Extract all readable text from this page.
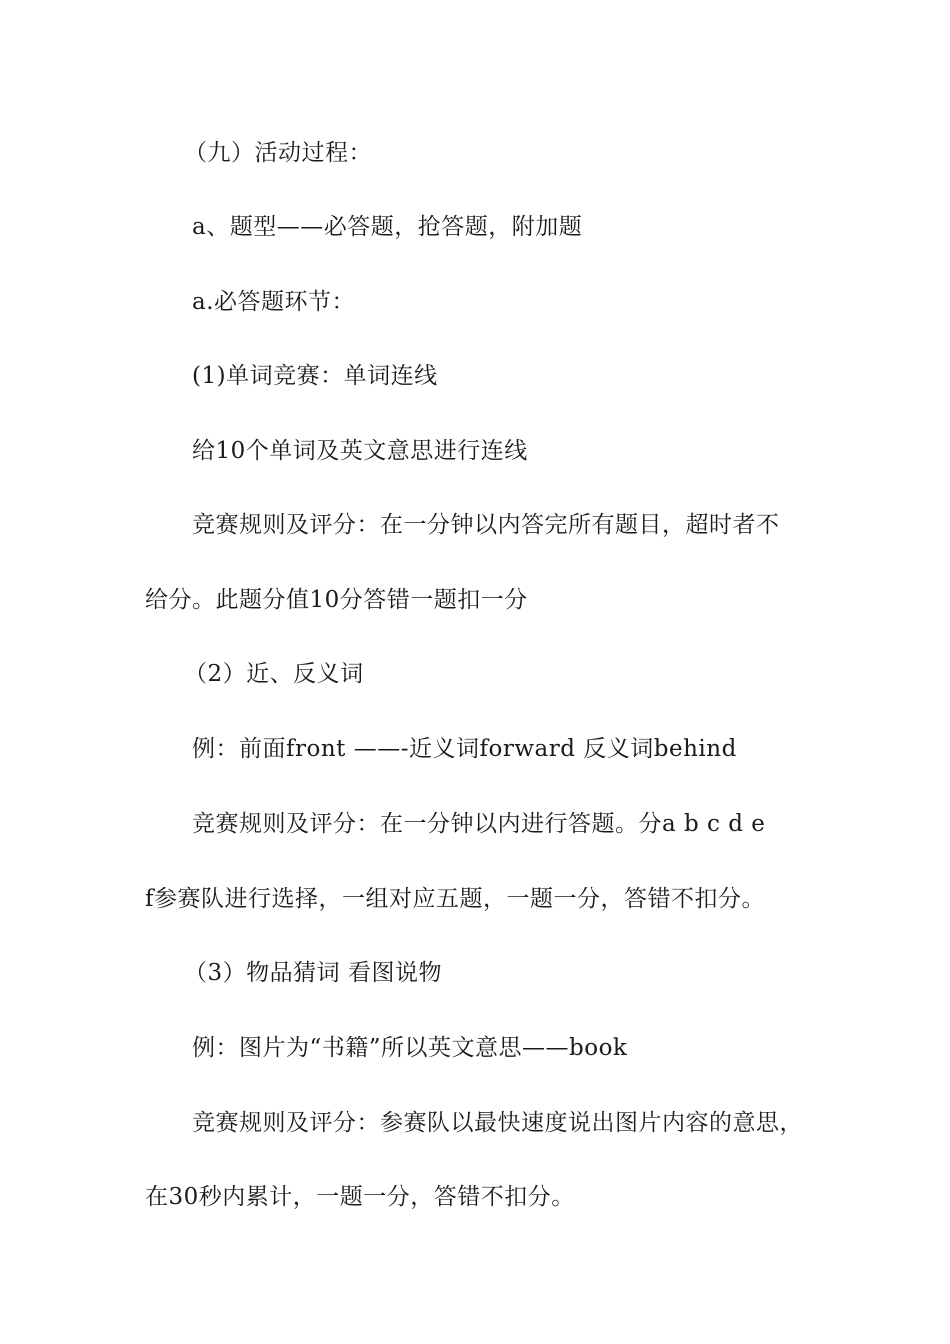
（九）活动过程：
a、题型——必答题，抢答题，附加题
a.必答题环节：
(1)单词竞赛：单词连线
给10个单词及英文意思进行连线
竞赛规则及评分：在一分钟以内答完所有题目，超时者不
给分。此题分值10分答错一题扣一分
（2）近、反义词
例：前面front ——-近义词forward 反义词behind
竞赛规则及评分：在一分钟以内进行答题。分a b c d e
f参赛队进行选择，一组对应五题，一题一分，答错不扣分。
（3）物品猜词 看图说物
例：图片为“书籍”所以英文意思——book
竞赛规则及评分：参赛队以最快速度说出图片内容的意思，
在30秒内累计，一题一分，答错不扣分。
